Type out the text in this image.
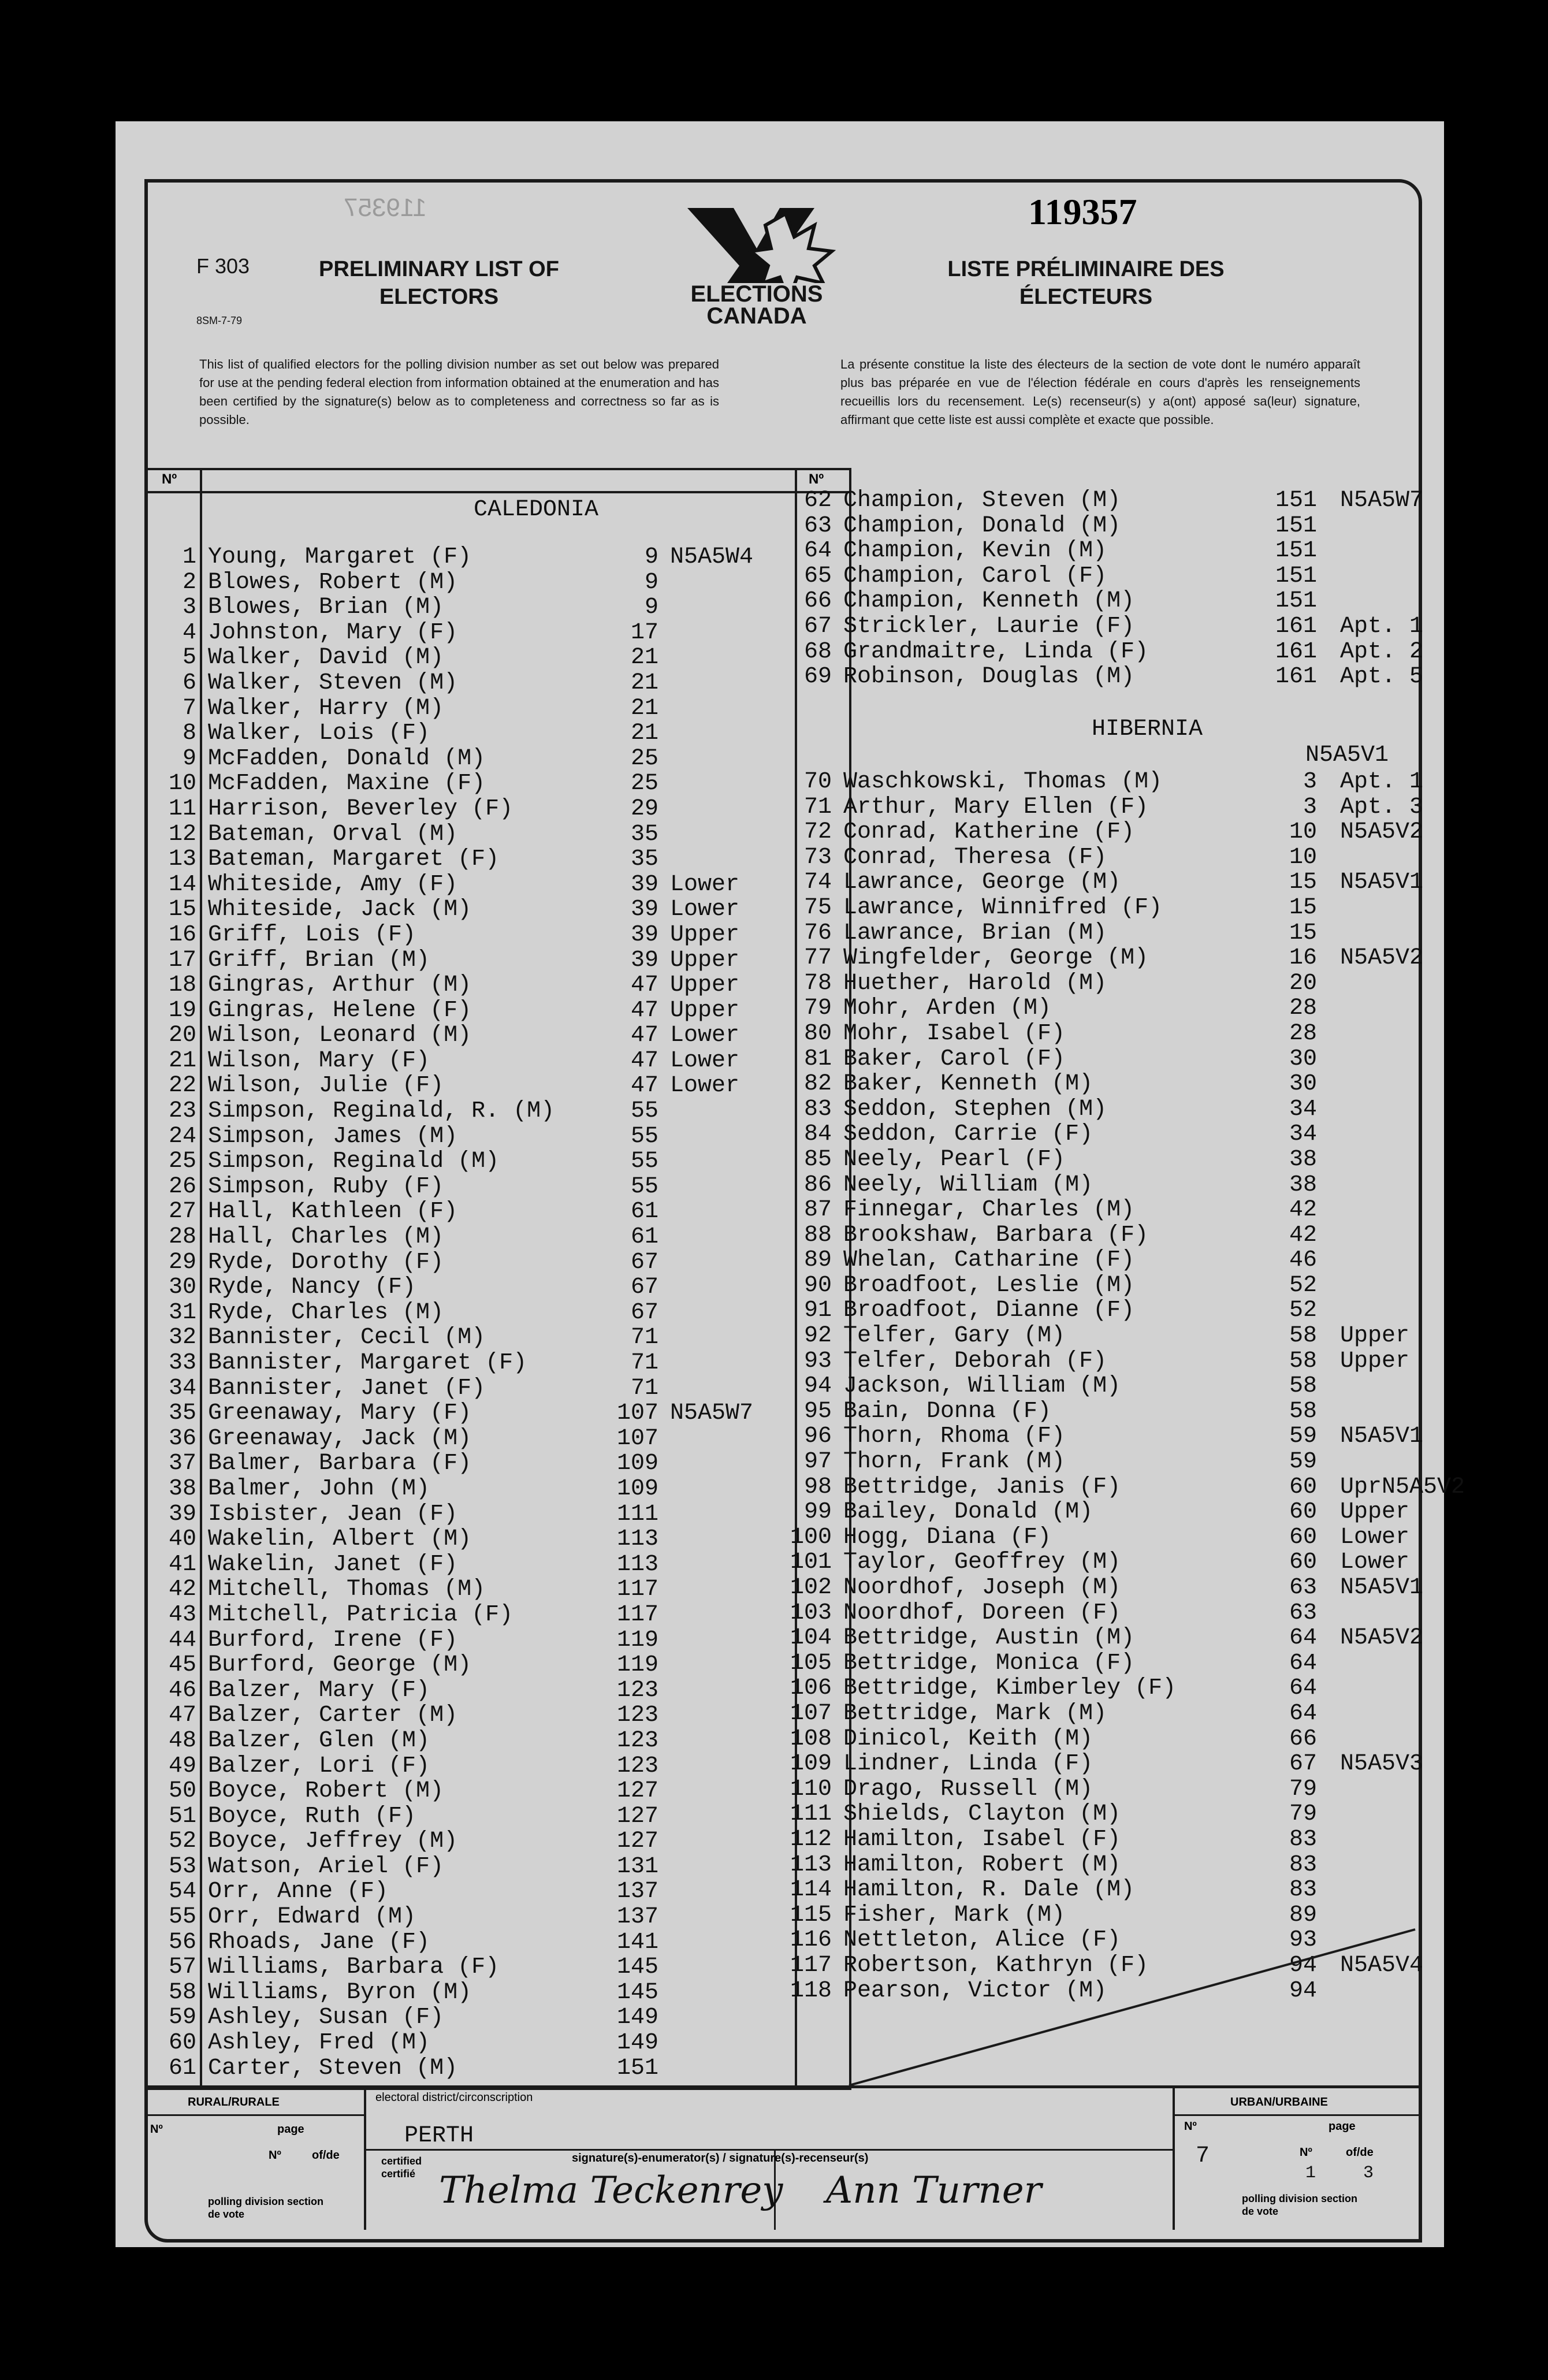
119357
F 303
8SM-7-79
PRELIMINARY LIST OF ELECTORS
LISTE PRÉLIMINAIRE DES ÉLECTEURS
119357
ELECTIONS CANADA
This list of qualified electors for the polling division number as set out below was prepared for use at the pending federal election from information obtained at the enumeration and has been certified by the signature(s) below as to completeness and correctness so far as is possible.
La présente constitue la liste des électeurs de la section de vote dont le numéro apparaît plus bas préparée en vue de l'élection fédérale en cours d'après les renseignements recueillis lors du recensement. Le(s) recenseur(s) y a(ont) apposé sa(leur) signature, affirmant que cette liste est aussi complète et exacte que possible.
Nº	Nº
CALEDONIA
HIBERNIA
N5A5V1
1 Young, Margaret (F)	9 N5A5W4
2 Blowes, Robert (M)	9
3 Blowes, Brian (M)	9
4 Johnston, Mary (F)	17
5 Walker, David (M)	21
6 Walker, Steven (M)	21
7 Walker, Harry (M)	21
8 Walker, Lois (F)	21
9 McFadden, Donald (M)	25
10 McFadden, Maxine (F)	25
11 Harrison, Beverley (F)	29
12 Bateman, Orval (M)	35
13 Bateman, Margaret (F)	35
14 Whiteside, Amy (F)	39 Lower
15 Whiteside, Jack (M)	39 Lower
16 Griff, Lois (F)	39 Upper
17 Griff, Brian (M)	39 Upper
18 Gingras, Arthur (M)	47 Upper
19 Gingras, Helene (F)	47 Upper
20 Wilson, Leonard (M)	47 Lower
21 Wilson, Mary (F)	47 Lower
22 Wilson, Julie (F)	47 Lower
23 Simpson, Reginald, R. (M)	55
24 Simpson, James (M)	55
25 Simpson, Reginald (M)	55
26 Simpson, Ruby (F)	55
27 Hall, Kathleen (F)	61
28 Hall, Charles (M)	61
29 Ryde, Dorothy (F)	67
30 Ryde, Nancy (F)	67
31 Ryde, Charles (M)	67
32 Bannister, Cecil (M)	71
33 Bannister, Margaret (F)	71
34 Bannister, Janet (F)	71
35 Greenaway, Mary (F)	107 N5A5W7
36 Greenaway, Jack (M)	107
37 Balmer, Barbara (F)	109
38 Balmer, John (M)	109
39 Isbister, Jean (F)	111
40 Wakelin, Albert (M)	113
41 Wakelin, Janet (F)	113
42 Mitchell, Thomas (M)	117
43 Mitchell, Patricia (F)	117
44 Burford, Irene (F)	119
45 Burford, George (M)	119
46 Balzer, Mary (F)	123
47 Balzer, Carter (M)	123
48 Balzer, Glen (M)	123
49 Balzer, Lori (F)	123
50 Boyce, Robert (M)	127
51 Boyce, Ruth (F)	127
52 Boyce, Jeffrey (M)	127
53 Watson, Ariel (F)	131
54 Orr, Anne (F)	137
55 Orr, Edward (M)	137
56 Rhoads, Jane (F)	141
57 Williams, Barbara (F)	145
58 Williams, Byron (M)	145
59 Ashley, Susan (F)	149
60 Ashley, Fred (M)	149
61 Carter, Steven (M)	151
62 Champion, Steven (M)	151 N5A5W7
63 Champion, Donald (M)	151
64 Champion, Kevin (M)	151
65 Champion, Carol (F)	151
66 Champion, Kenneth (M)	151
67 Strickler, Laurie (F)	161 Apt. 1
68 Grandmaitre, Linda (F)	161 Apt. 2
69 Robinson, Douglas (M)	161 Apt. 5
70 Waschkowski, Thomas (M)	3 Apt. 1
71 Arthur, Mary Ellen (F)	3 Apt. 3
72 Conrad, Katherine (F)	10 N5A5V2
73 Conrad, Theresa (F)	10
74 Lawrance, George (M)	15 N5A5V1
75 Lawrance, Winnifred (F)	15
76 Lawrance, Brian (M)	15
77 Wingfelder, George (M)	16 N5A5V2
78 Huether, Harold (M)	20
79 Mohr, Arden (M)	28
80 Mohr, Isabel (F)	28
81 Baker, Carol (F)	30
82 Baker, Kenneth (M)	30
83 Seddon, Stephen (M)	34
84 Seddon, Carrie (F)	34
85 Neely, Pearl (F)	38
86 Neely, William (M)	38
87 Finnegar, Charles (M)	42
88 Brookshaw, Barbara (F)	42
89 Whelan, Catharine (F)	46
90 Broadfoot, Leslie (M)	52
91 Broadfoot, Dianne (F)	52
92 Telfer, Gary (M)	58 Upper
93 Telfer, Deborah (F)	58 Upper
94 Jackson, William (M)	58
95 Bain, Donna (F)	58
96 Thorn, Rhoma (F)	59 N5A5V1
97 Thorn, Frank (M)	59
98 Bettridge, Janis (F)	60 UprN5A5V2
99 Bailey, Donald (M)	60 Upper
100 Hogg, Diana (F)	60 Lower
101 Taylor, Geoffrey (M)	60 Lower
102 Noordhof, Joseph (M)	63 N5A5V1
103 Noordhof, Doreen (F)	63
104 Bettridge, Austin (M)	64 N5A5V2
105 Bettridge, Monica (F)	64
106 Bettridge, Kimberley (F)	64
107 Bettridge, Mark (M)	64
108 Dinicol, Keith (M)	66
109 Lindner, Linda (F)	67 N5A5V3
110 Drago, Russell (M)	79
111 Shields, Clayton (M)	79
112 Hamilton, Isabel (F)	83
113 Hamilton, Robert (M)	83
114 Hamilton, R. Dale (M)	83
115 Fisher, Mark (M)	89
116 Nettleton, Alice (F)	93
117 Robertson, Kathryn (F)	94 N5A5V4
118 Pearson, Victor (M)	94
RURAL/RURALE	URBAN/URBAINE
electoral district/circonscription
PERTH
Nº	page
Nº	of/de
polling division section de vote
certified certifié
signature(s)-enumerator(s) / signature(s)-recenseur(s)
Thelma Teckenrey Ann Turner
Nº
7
page
Nº	of/de
1	3
polling division section de vote
